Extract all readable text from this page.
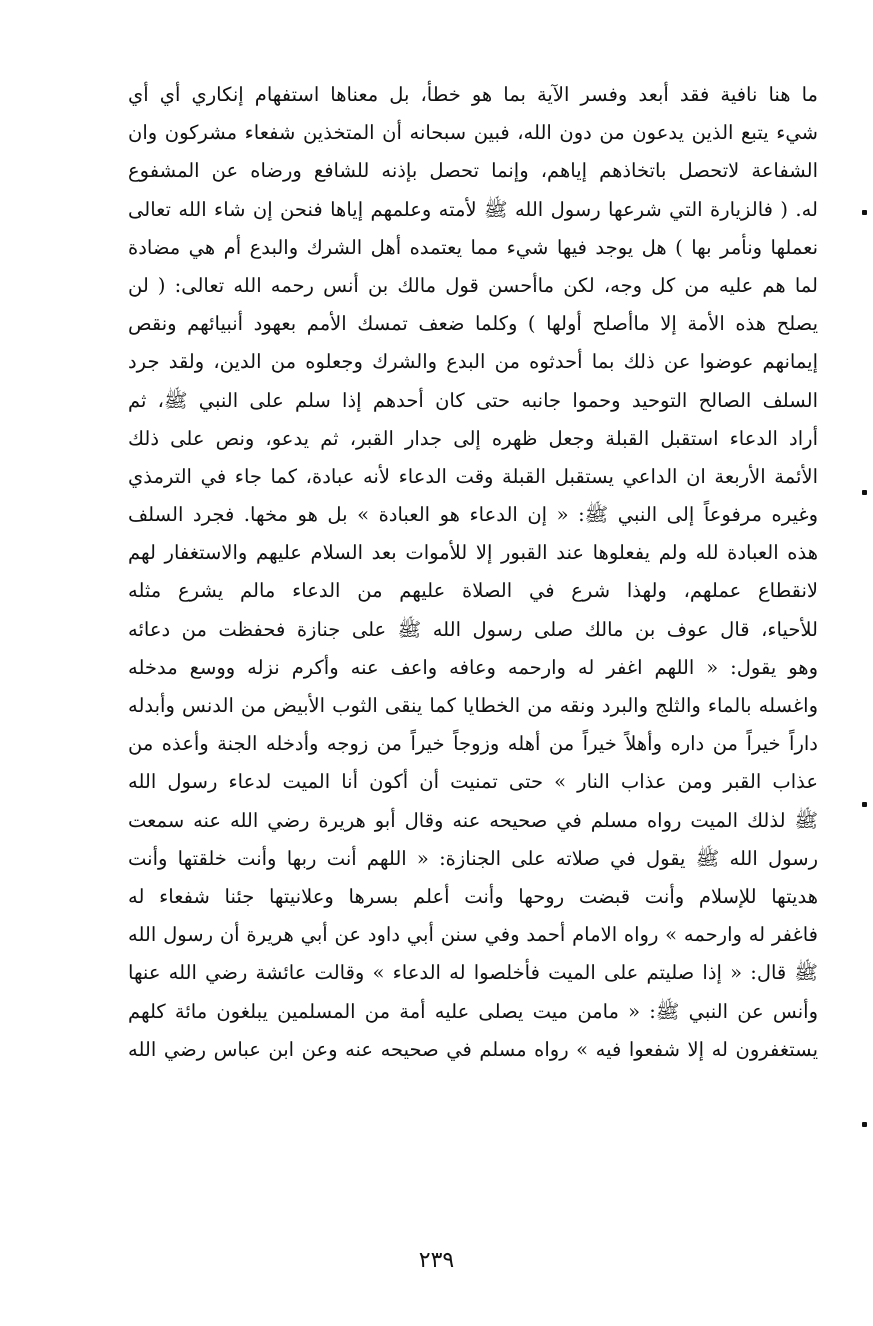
ما هنا نافية فقد أبعد وفسر الآية بما هو خطأ، بل معناها استفهام إنكاري أي أي
شيء يتبع الذين يدعون من دون الله، فبين سبحانه أن المتخذين شفعاء مشركون وان
الشفاعة لاتحصل باتخاذهم إياهم، وإنما تحصل بإذنه للشافع ورضاه عن المشفوع
له. ( فالزيارة التي شرعها رسول الله ﷺ لأمته وعلمهم إياها فنحن إن شاء الله تعالى
نعملها ونأمر بها ) هل يوجد فيها شيء مما يعتمده أهل الشرك والبدع أم هي مضادة
لما هم عليه من كل وجه، لكن ماأحسن قول مالك بن أنس رحمه الله تعالى: ( لن
يصلح هذه الأمة إلا ماأصلح أولها ) وكلما ضعف تمسك الأمم بعهود أنبيائهم ونقص
إيمانهم عوضوا عن ذلك بما أحدثوه من البدع والشرك وجعلوه من الدين، ولقد جرد
السلف الصالح التوحيد وحموا جانبه حتى كان أحدهم إذا سلم على النبي ﷺ، ثم
أراد الدعاء استقبل القبلة وجعل ظهره إلى جدار القبر، ثم يدعو، ونص على ذلك
الأئمة الأربعة ان الداعي يستقبل القبلة وقت الدعاء لأنه عبادة، كما جاء في الترمذي
وغيره مرفوعاً إلى النبي ﷺ: « إن الدعاء هو العبادة » بل هو مخها. فجرد السلف
هذه العبادة لله ولم يفعلوها عند القبور إلا للأموات بعد السلام عليهم والاستغفار لهم
لانقطاع عملهم، ولهذا شرع في الصلاة عليهم من الدعاء مالم يشرع مثله
للأحياء، قال عوف بن مالك صلى رسول الله ﷺ على جنازة فحفظت من دعائه
وهو يقول: « اللهم اغفر له وارحمه وعافه واعف عنه وأكرم نزله ووسع مدخله
واغسله بالماء والثلج والبرد ونقه من الخطايا كما ينقى الثوب الأبيض من الدنس وأبدله
داراً خيراً من داره وأهلاً خيراً من أهله وزوجاً خيراً من زوجه وأدخله الجنة وأعذه من
عذاب القبر ومن عذاب النار » حتى تمنيت أن أكون أنا الميت لدعاء رسول الله
ﷺ لذلك الميت رواه مسلم في صحيحه عنه وقال أبو هريرة رضي الله عنه سمعت
رسول الله ﷺ يقول في صلاته على الجنازة: « اللهم أنت ربها وأنت خلقتها وأنت
هديتها للإسلام وأنت قبضت روحها وأنت أعلم بسرها وعلانيتها جئنا شفعاء له
فاغفر له وارحمه » رواه الامام أحمد وفي سنن أبي داود عن أبي هريرة أن رسول الله
ﷺ قال: « إذا صليتم على الميت فأخلصوا له الدعاء » وقالت عائشة رضي الله عنها
وأنس عن النبي ﷺ: « مامن ميت يصلى عليه أمة من المسلمين يبلغون مائة كلهم
يستغفرون له إلا شفعوا فيه » رواه مسلم في صحيحه عنه وعن ابن عباس رضي الله
٢٣٩
